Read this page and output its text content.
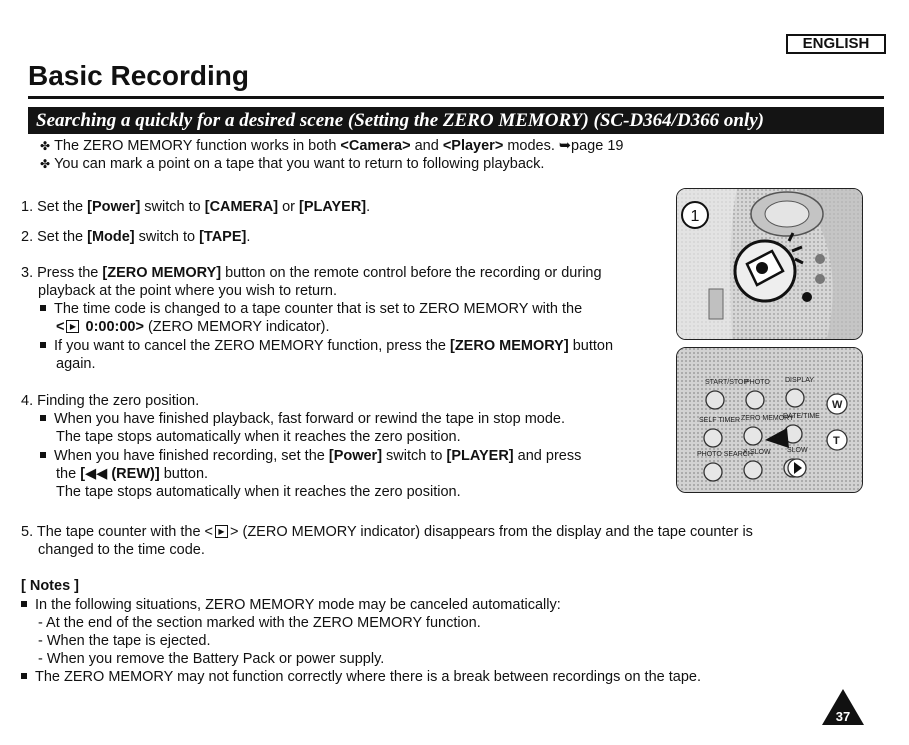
ENGLISH
Basic Recording
Searching a quickly for a desired scene (Setting the ZERO MEMORY) (SC-D364/D366 only)
✤ The ZERO MEMORY function works in both <Camera> and <Player> modes. ➥page 19
✤ You can mark a point on a tape that you want to return to following playback.
1. Set the [Power] switch to [CAMERA] or [PLAYER].
2. Set the [Mode] switch to [TAPE].
3. Press the [ZERO MEMORY] button on the remote control before the recording or during
playback at the point where you wish to return.
The time code is changed to a tape counter that is set to ZERO MEMORY with the
< ▶ 0:00:00> (ZERO MEMORY indicator).
If you want to cancel the ZERO MEMORY function, press the [ZERO MEMORY] button
again.
4. Finding the zero position.
When you have finished playback, fast forward or rewind the tape in stop mode.
The tape stops automatically when it reaches the zero position.
When you have finished recording, set the [Power] switch to [PLAYER] and press
the [◀◀ (REW)] button.
The tape stops automatically when it reaches the zero position.
5. The tape counter with the < ▶ > (ZERO MEMORY indicator) disappears from the display and the tape counter is
changed to the time code.
[ Notes ]
In the following situations, ZERO MEMORY mode may be canceled automatically:
- At the end of the section marked with the ZERO MEMORY function.
- When the tape is ejected.
- When you remove the Battery Pack or power supply.
The ZERO MEMORY may not function correctly where there is a break between recordings on the tape.
1
START/STOP
PHOTO DISPLAY
SELF TIMER ZERO MEMORY
DATE/TIME
PHOTO SEARCH
X-SLOW SLOW
W
T
37
